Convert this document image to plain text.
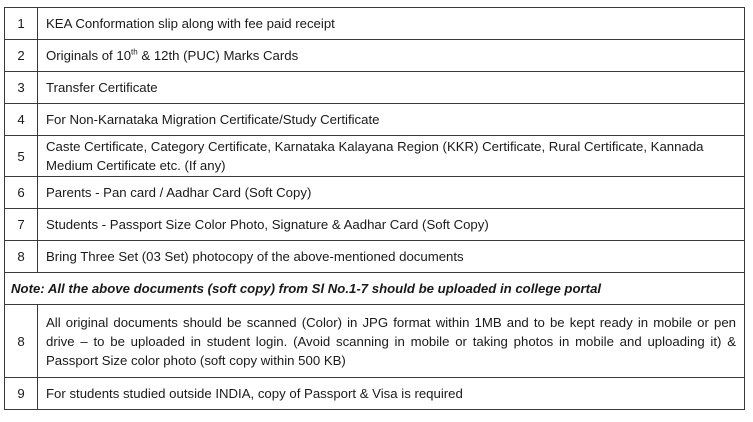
1	KEA Conformation slip along with fee paid receipt
2	Originals of 10th & 12th (PUC) Marks Cards
3	Transfer Certificate
4	For Non-Karnataka Migration Certificate/Study Certificate
5	Caste Certificate, Category Certificate, Karnataka Kalayana Region (KKR) Certificate, Rural Certificate, Kannada Medium Certificate etc. (If any)
6	Parents - Pan card / Aadhar Card (Soft Copy)
7	Students - Passport Size Color Photo, Signature & Aadhar Card (Soft Copy)
8	Bring Three Set (03 Set) photocopy of the above-mentioned documents
Note: All the above documents (soft copy) from Sl No.1-7 should be uploaded in college portal	
8	All original documents should be scanned (Color) in JPG format within 1MB and to be kept ready in mobile or pen drive – to be uploaded in student login. (Avoid scanning in mobile or taking photos in mobile and uploading it) & Passport Size color photo (soft copy within 500 KB)
9	For students studied outside INDIA, copy of Passport & Visa is required
